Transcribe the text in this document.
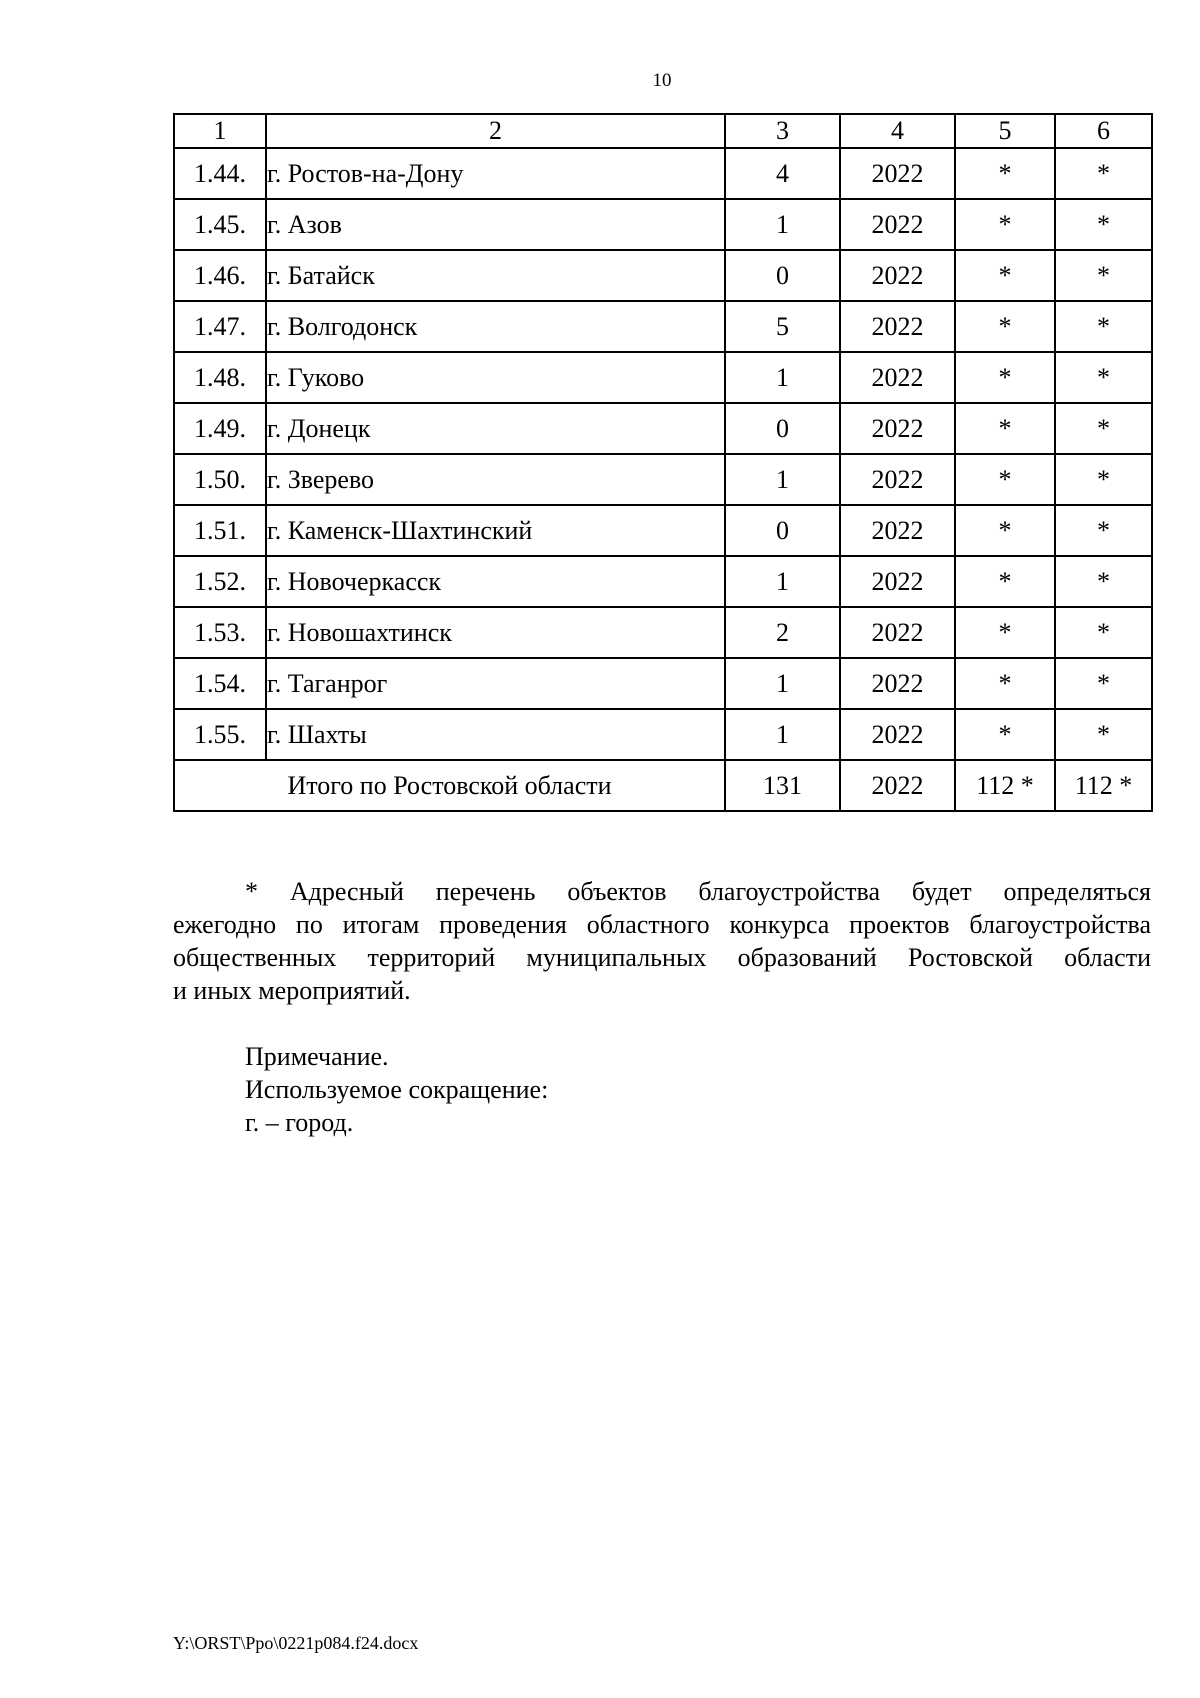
10
1	2	3	4	5	6
1.44.	г. Ростов-на-Дону	4	2022	*	*
1.45.	г. Азов	1	2022	*	*
1.46.	г. Батайск	0	2022	*	*
1.47.	г. Волгодонск	5	2022	*	*
1.48.	г. Гуково	1	2022	*	*
1.49.	г. Донецк	0	2022	*	*
1.50.	г. Зверево	1	2022	*	*
1.51.	г. Каменск-Шахтинский	0	2022	*	*
1.52.	г. Новочеркасск	1	2022	*	*
1.53.	г. Новошахтинск	2	2022	*	*
1.54.	г. Таганрог	1	2022	*	*
1.55.	г. Шахты	1	2022	*	*
Итого по Ростовской области		131	2022	112 *	112 *
* Адресный перечень объектов благоустройства будет определяться
ежегодно по итогам проведения областного конкурса проектов благоустройства
общественных территорий муниципальных образований Ростовской области
и иных мероприятий.
Примечание.
Используемое сокращение:
г. – город.
Y:\ORST\Ppo\0221p084.f24.docx
